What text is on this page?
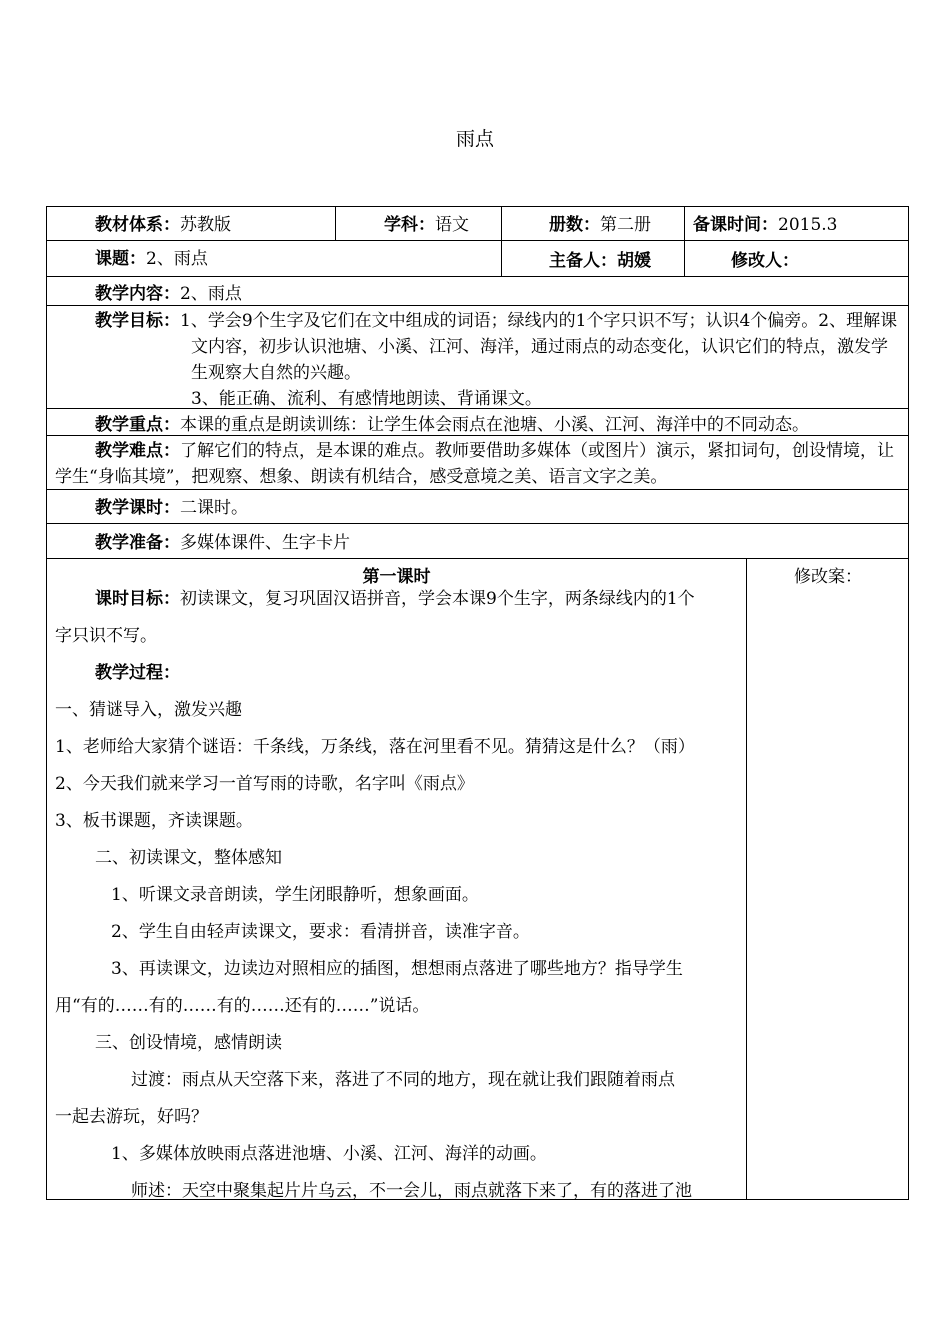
雨点
教材体系：苏教版	学科：语文	册数：第二册 备课时间：2015.3
课题：2、雨点	主备人：胡媛	修改人：
教学内容：2、雨点
教学目标：1、学会9个生字及它们在文中组成的词语；绿线内的1个字只识不写；认识4个偏旁。2、理解课文内容，初步认识池塘、小溪、江河、海洋，通过雨点的动态变化，认识它们的特点，激发学生观察大自然的兴趣。
3、能正确、流利、有感情地朗读、背诵课文。
教学重点：本课的重点是朗读训练：让学生体会雨点在池塘、小溪、江河、海洋中的不同动态。
教学难点：了解它们的特点，是本课的难点。教师要借助多媒体（或图片）演示，紧扣词句，创设情境，让学生“身临其境”，把观察、想象、朗读有机结合，感受意境之美、语言文字之美。
教学课时：二课时。
教学准备：多媒体课件、生字卡片
第一课时	修改案：
课时目标：初读课文，复习巩固汉语拼音，学会本课9个生字，两条绿线内的1个
字只识不写。
教学过程：
一、猜谜导入，激发兴趣
1、老师给大家猜个谜语：千条线，万条线，落在河里看不见。猜猜这是什么？（雨）
2、今天我们就来学习一首写雨的诗歌，名字叫《雨点》
3、板书课题，齐读课题。
二、初读课文，整体感知
1、听课文录音朗读，学生闭眼静听，想象画面。
2、学生自由轻声读课文，要求：看清拼音，读准字音。
3、再读课文，边读边对照相应的插图，想想雨点落进了哪些地方？指导学生
用“有的……有的……有的……还有的……”说话。
三、创设情境，感情朗读
过渡：雨点从天空落下来，落进了不同的地方，现在就让我们跟随着雨点
一起去游玩，好吗？
1、多媒体放映雨点落进池塘、小溪、江河、海洋的动画。
师述：天空中聚集起片片乌云，不一会儿，雨点就落下来了，有的落进了池
